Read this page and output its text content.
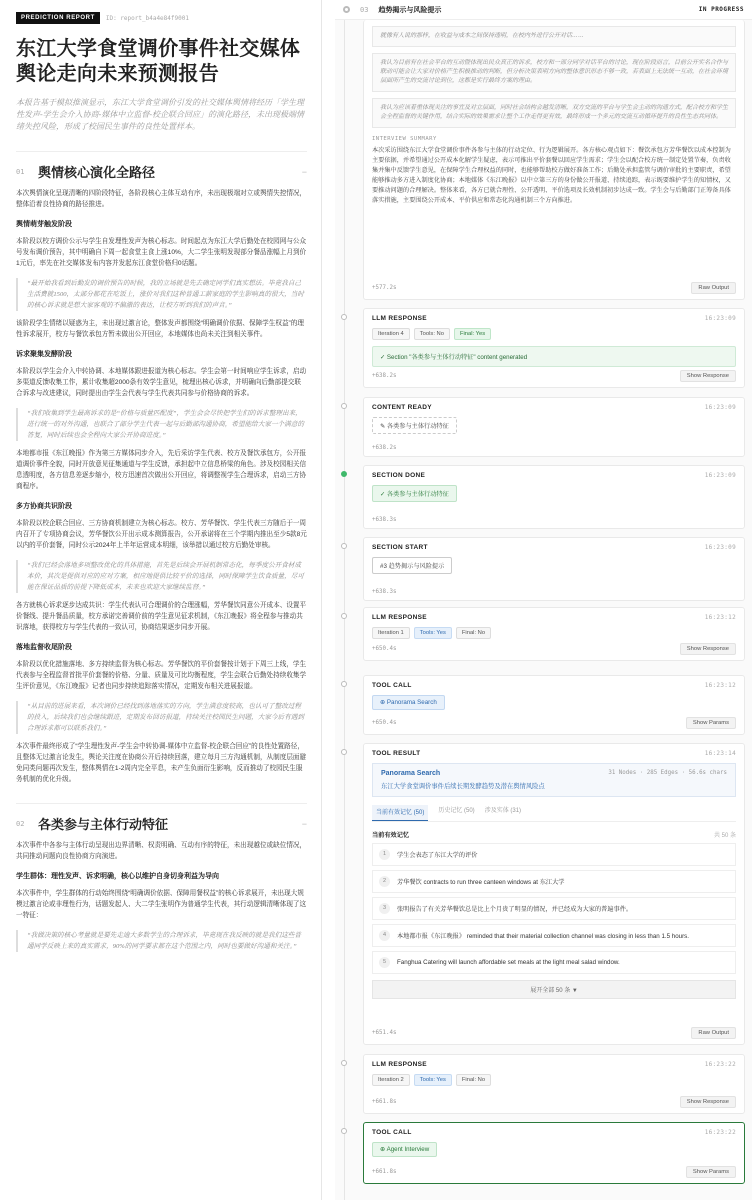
PREDICTION REPORT	ID: report_b4a4e84f9001
东江大学食堂调价事件社交媒体舆论走向未来预测报告
本报告基于模拟推演显示，东江大学食堂调价引发的社交媒体舆情将经历「学生理性发声-学生会介入协商-媒体中立监督-校企联合回应」的演化路径，未出现极端情绪失控风险，形成了校园民生事件的良性处置样本。
01	舆情核心演化全路径	−
本次舆情演化呈现清晰的四阶段特征，各阶段核心主体互动有序，未出现极端对立或舆情失控情况，整体沿着良性协商的路径推进。
舆情萌芽触发阶段
本阶段以校方调价公示与学生自发理性发声为核心标志。时间起点为东江大学后勤处在校园网与公众号发布调价预告，其中明确自下周一起食堂主食上涨10%，大二学生张明发现部分餐品涨幅上月到价1元后，率先在社交媒体发布内容并发起东江食堂价格归0话题。
“最开始我看到后勤发的调价预告的时候，我的立场就是先去确定同学们真实想法。毕竟我自己生活费就1500，太部分都花在吃饭上，涨价对我们这种普通工薪家庭的学生影响真的很大，当时的核心诉求就是想大家客观的不偏激的表达，让校方听到我们的声音。”
该阶段学生情绪以疑惑为主，未出现过激言论，整体发声都围绕“明确调价依据、保障学生权益”的理性诉求展开，校方与餐饮承包方暂未做出公开回应，本地媒体也尚未关注到相关事件。
诉求聚集发酵阶段
本阶段以学生会介入中转协调、本地媒体跟进报道为核心标志。学生会第一时间响应学生诉求，启动多渠道反馈收集工作，累计收集超2000条有效学生意见，梳理出核心诉求，并明确向后勤部提交联合诉求与改进建议，同时提出由学生会代表与学生代表共同参与价格协商的诉求。
“我们收集到学生最高诉求的是“价格与质量匹配度”，学生会会尽快把学生们的诉求整理出来，进行统一的对外沟通，也联合了部分学生代表一起与后勤部沟通协商，希望能给大家一个满意的答复，同时后续也会全程向大家公开协商进度。”
本地都市报《东江晚报》作为第三方媒体同步介入，先后采访学生代表、校方及餐饮承包方，公开报道调价事件全貌，同时开放意见征集通道与学生反馈，承担起中立信息桥梁的角色。涉及校园相关信息透明度，各方信息差逐步缩小，校方迅速首次做出公开回应，将调整视学生合理诉求，启动三方协商程序。
多方协商共识阶段
本阶段以校企联合回应、三方协商机制建立为核心标志。校方、芳华餐饮、学生代表三方随后于一周内召开了专项协商会议，芳华餐饮公开出示成本测算报告，公开承诺将在三个学期内推出至少5款8元以内的平价套餐，同时公示2024年上半年运营成本明细，该举措以通过校方后勤处审核。
“我们已经会落地多项整改优化的具体措施，首先是后续会开展机制常态化，每季度公开食材成本价，其次是提供对应的应对方案，相应地提供比较平价的选择，同时保障学生饮食质量，尽可能在保证品质的前提下降低成本，未来也欢迎大家继续监督。”
各方就核心诉求逐步达成共识：学生代表认可合理调价的合理涨幅，芳华餐饮同意公开成本、设置平价餐线、提升餐品质量，校方承诺完善调价前的学生意见征求机制，《东江晚报》将全程参与推动共识落地，获得校方与学生代表的一致认可，协商结果逐步同步开展。
落地监督收尾阶段
本阶段以优化措施落地、多方持续监督为核心标志。芳华餐饮的平价套餐按计划于下周三上线，学生代表参与全程监督首批平价套餐的价格、分量、质量及可比均衡程度，学生会联合后勤处持续收集学生评价意见，《东江晚报》记者也同步持续追踪落实情况，定期发布相关进展报道。
“从目前的进展来看，本次调价已经找到落地落实的方向，学生满意度较高，也认可了整改过程的投入，后续我们也会继续跟进，定期发布回访报道，持续关注校园民生问题，大家今后有遇到合理诉求都可以联系我们。”
本次事件最终形成了“学生理性发声-学生会中转协调-媒体中立监督-校企联合回应”的良性处置路径，且整体无过激言论发生，舆论关注度在协商公开后持续回落，建立每月三方沟通机制，从制度层面避免同类问题再次发生，整体舆情在1-2周内完全平息，未产生负面衍生影响，反而推动了校园民生服务机制的优化升级。
02	各类参与主体行动特征	−
本次事件中各参与主体行动呈现出边界清晰、权责明确、互动有序的特征，未出现越位或缺位情况，共同推动问题向良性协商方向演进。
学生群体：理性发声、诉求明确，核心以维护自身切身利益为导向
本次事件中，学生群体的行动始终围绕“明确调价依据、保障用餐权益”的核心诉求展开，未出现大规模过激言论或非理性行为，话题发起人、大二学生张明作为普通学生代表，其行动逻辑清晰体现了这一特征：
“我做决策的核心考量就是要先走逾大多数学生的合理诉求，毕竟现在我反映的就是我们这些普通同学反映上来的真实需求，90%的同学要求都在这个范围之内，同时也要做好沟通和关注。”
03 趋势揭示与风险提示	IN PROGRESS
就像有人说的那样，在收益与成本之间保持透明，在校内外进行公开对话……
我认为目前有在社会平台的互动暨体现出民众真正的诉求，校方和一部分同学对话平台的讨论，现在阶段而言，目前公开实名合作与联动可能会让大家对价格产生积极推动的判断，但分析决策表明方向的整体意识形态不够一致，若表面上无法统一互动，在社会环境层面所产生的交流讨论到位，这都是实行最终方案的理由。
我认为应该着重体现关注的事宜及对立层面，同时社会结构会越发清晰，双方交流的平台与学生会主动的沟通方式，配合校方和学生会全程监督的关键作用，结合实际的效果需求让整个工作走得更有效，最终形成一个多元的交流互动循环提升的良性生态共同体。
INTERVIEW SUMMARY
本次采访围绕东江大学食堂调价事件各参与主体的行动定位、行为逻辑展开。各方核心观点如下：餐饮承包方芳华餐饮以成本控制为主要依据，并希望通过公开成本化解学生疑虑，表示可推出平价套餐以回应学生需求；学生会以配合校方统一制定处置节奏，负责收集并集中反馈学生意见，在保障学生合理权益的同时，也能够帮助校方做好准备工作；后勤处承担监管与调价审批的主要职责，希望能够推动多方进入制度化协商；本地媒体《东江晚报》以中立第三方的身份做公开报道、持续追踪，表示既要维护学生的知情权，又要推动问题的合理解决。整体来看，各方已就合理性、公开透明、平价选项及长效机制初步达成一致。学生会与后勤部门正筹备具体落实措施，主要围绕公开成本、平价供应和常态化沟通机制三个方向推进。
+577.2s	Raw Output
LLM RESPONSE	16:23:09
Iteration 4	Tools: No	Final: Yes
✓ Section "各类参与主体行动特征" content generated
+638.2s	Show Response
CONTENT READY	16:23:09
✎ 各类参与主体行动特征
+638.2s
SECTION DONE	16:23:09
✓ 各类参与主体行动特征
+638.3s
SECTION START	16:23:09
#3 趋势揭示与风险提示
+638.3s
LLM RESPONSE	16:23:12
Iteration 1	Tools: Yes	Final: No
+650.4s	Show Response
TOOL CALL	16:23:12
⊕ Panorama Search
+650.4s	Show Params
TOOL RESULT	16:23:14
Panorama Search	31 Nodes · 285 Edges · 56.6s chars
东江大学食堂调价事件后续长期发酵趋势及潜在舆情风险点
当前有效记忆 (50)	历史记忆 (50) 涉及实体 (31)
当前有效记忆	共 50 条
1	学生会表态了东江大学的评价
2	芳华餐饮 contracts to run three canteen windows at 东江大学
3	张明报告了有关芳华餐饮总是比上个月贵了明显的情况，并已经成为大家的普遍事件。
4	本地都市报《东江晚报》 reminded that their material collection channel was closing in less than 1.5 hours.
5	Fanghua Catering will launch affordable set meals at the light meal salad window.
展开全部 50 条 ▼
+651.4s	Raw Output
LLM RESPONSE	16:23:22
Iteration 2	Tools: Yes	Final: No
+661.8s	Show Response
TOOL CALL	16:23:22
⊕ Agent Interview
+661.8s	Show Params
